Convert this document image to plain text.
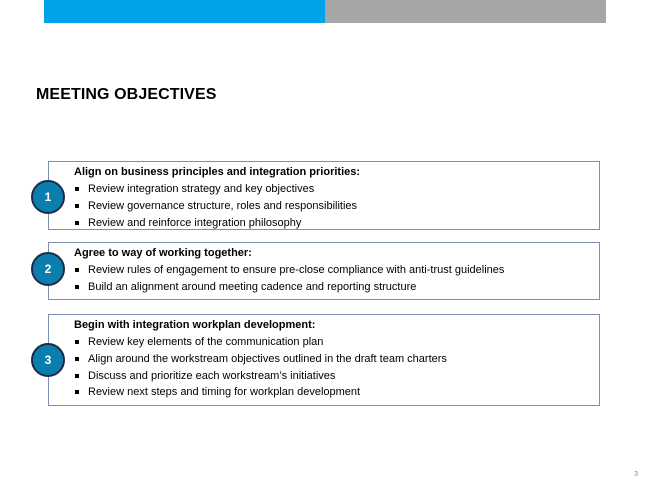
MEETING OBJECTIVES
Align on business principles and integration priorities:
Review integration strategy and key objectives
Review governance structure, roles and responsibilities
Review and reinforce integration philosophy
1
Agree to way of working together:
Review rules of engagement to ensure pre-close compliance with anti-trust guidelines
Build an alignment around meeting cadence and reporting structure
2
Begin with integration workplan development:
Review key elements of the communication plan
Align around the workstream objectives outlined in the draft team charters
Discuss and prioritize each workstream’s initiatives
Review next steps and timing for workplan development
3
3
